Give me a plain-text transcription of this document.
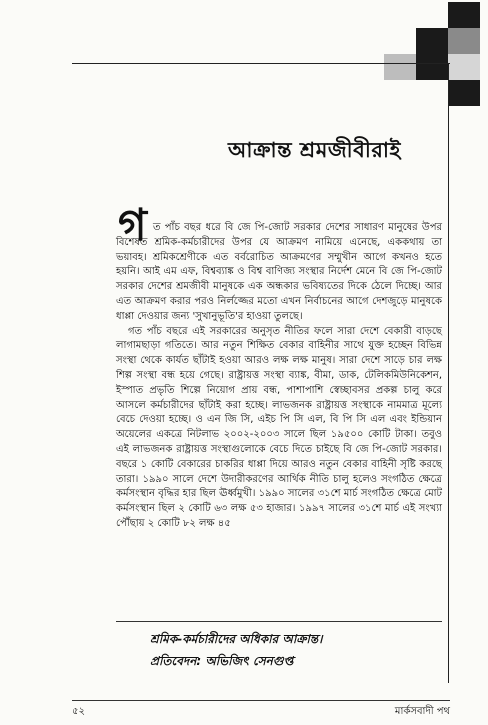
আক্রান্ত শ্রমজীবীরাই
গ ত পাঁচ বছর ধরে বি জে পি-জোট সরকার দেশের সাধারণ মানুষের উপর বিশেষত শ্রমিক-কর্মচারীদের উপর যে আক্রমণ নামিয়ে এনেছে, এককথায় তা ভয়াবহ। শ্রমিকশ্রেণীকে এত বর্বরোচিত আক্রমণের সম্মুখীন আগে কখনও হতে হয়নি। আই এম এফ, বিশ্বব্যাঙ্ক ও বিশ্ব বাণিজ্য সংস্থার নির্দেশ মেনে বি জে পি-জোট সরকার দেশের শ্রমজীবী মানুষকে এক অন্ধকার ভবিষ্যতের দিকে ঠেলে দিচ্ছে। আর এত আক্রমণ করার পরও নির্লজ্জের মতো এখন নির্বাচনের আগে দেশজুড়ে মানুষকে ধাপ্পা দেওয়ার জন্য 'সুখানুভূতি'র হাওয়া তুলছে।

গত পাঁচ বছরে এই সরকারের অনুসৃত নীতির ফলে সারা দেশে বেকারী বাড়ছে লাগামছাড়া গতিতে। আর নতুন শিক্ষিত বেকার বাহিনীর সাথে যুক্ত হচ্ছেন বিভিন্ন সংস্থা থেকে কার্যত ছাঁটাই হওয়া আরও লক্ষ লক্ষ মানুষ। সারা দেশে সাড়ে চার লক্ষ শিল্প সংস্থা বন্ধ হয়ে গেছে। রাষ্ট্রায়ত্ত সংস্থা ব্যাঙ্ক, বীমা, ডাক, টেলিকমিউনিকেশন, ইস্পাত প্রভৃতি শিল্পে নিয়োগ প্রায় বন্ধ, পাশাপাশি স্বেচ্ছাবসর প্রকল্প চালু করে আসলে কর্মচারীদের ছাঁটাই করা হচ্ছে। লাভজনক রাষ্ট্রায়ত্ত সংস্থাকে নামমাত্র মূল্যে বেচে দেওয়া হচ্ছে। ও এন জি সি, এইচ পি সি এল, বি পি সি এল এবং ইন্ডিয়ান অয়েলের একত্রে নিটলাভ ২০০২-২০০৩ সালে ছিল ১৯৫০০ কোটি টাকা। তবুও এই লাভজনক রাষ্ট্রায়ত্ত সংস্থাগুলোকে বেচে দিতে চাইছে বি জে পি-জোট সরকার। বছরে ১ কোটি বেকারের চাকরির ধাপ্পা দিয়ে আরও নতুন বেকার বাহিনী সৃষ্টি করছে তারা। ১৯৯০ সালে দেশে উদারীকরণের আর্থিক নীতি চালু হলেও সংগঠিত ক্ষেত্রে কর্মসংস্থান বৃদ্ধির হার ছিল ঊর্ধ্বমুখী। ১৯৯০ সালের ৩১শে মার্চ সংগঠিত ক্ষেত্রে মোট কর্মসংস্থান ছিল ২ কোটি ৬৩ লক্ষ ৫৩ হাজার। ১৯৯৭ সালের ৩১শে মার্চ এই সংখ্যা পৌঁছায় ২ কোটি ৮২ লক্ষ ৪৫

শ্রমিক-কর্মচারীদের অধিকার আক্রান্ত।
প্রতিবেদন: অভিজিৎ সেনগুপ্ত
৫২	মার্কসবাদী পথ
